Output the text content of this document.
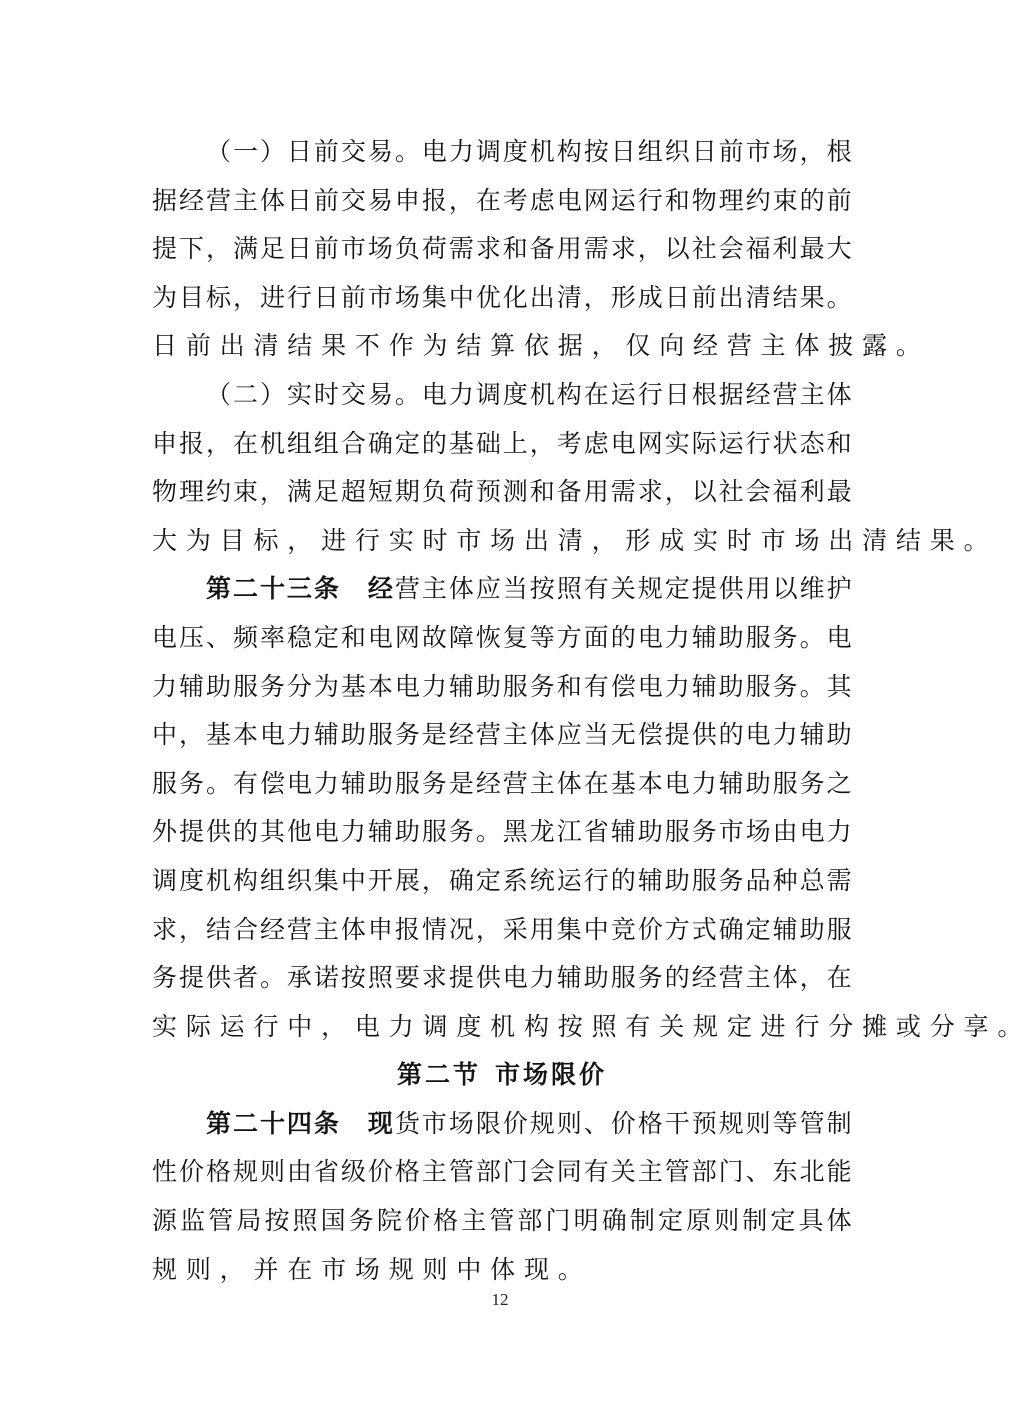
（ 一 ） 日 前 交 易 。 电 力 调 度 机 构 按 日 组 织 日 前 市 场 ， 根
据 经 营 主 体 日 前 交 易 申 报 ， 在 考 虑 电 网 运 行 和 物 理 约 束 的 前
提 下 ， 满 足 日 前 市 场 负 荷 需 求 和 备 用 需 求 ， 以 社 会 福 利 最 大
为 目 标 ， 进 行 日 前 市 场 集 中 优 化 出 清 ， 形 成 日 前 出 清 结 果 。
日 前 出 清 结 果 不 作 为 结 算 依 据 ， 仅 向 经 营 主 体 披 露 。

（ 二 ） 实 时 交 易 。 电 力 调 度 机 构 在 运 行 日 根 据 经 营 主 体
申 报 ， 在 机 组 组 合 确 定 的 基 础 上 ， 考 虑 电 网 实 际 运 行 状 态 和
物 理 约 束 ， 满 足 超 短 期 负 荷 预 测 和 备 用 需 求 ， 以 社 会 福 利 最
大 为 目 标 ， 进 行 实 时 市 场 出 清 ， 形 成 实 时 市 场 出 清 结 果 。

第 二 十 三 条
　 经 营 主 体 应 当 按 照 有 关 规 定 提 供 用 以 维 护
电 压 、 频 率 稳 定 和 电 网 故 障 恢 复 等 方 面 的 电 力 辅 助 服 务 。 电
力 辅 助 服 务 分 为 基 本 电 力 辅 助 服 务 和 有 偿 电 力 辅 助 服 务 。 其
中 ， 基 本 电 力 辅 助 服 务 是 经 营 主 体 应 当 无 偿 提 供 的 电 力 辅 助
服 务 。 有 偿 电 力 辅 助 服 务 是 经 营 主 体 在 基 本 电 力 辅 助 服 务 之
外 提 供 的 其 他 电 力 辅 助 服 务 。 黑 龙 江 省 辅 助 服 务 市 场 由 电 力
调 度 机 构 组 织 集 中 开 展 ， 确 定 系 统 运 行 的 辅 助 服 务 品 种 总 需
求 ， 结 合 经 营 主 体 申 报 情 况 ， 采 用 集 中 竞 价 方 式 确 定 辅 助 服
务 提 供 者 。 承 诺 按 照 要 求 提 供 电 力 辅 助 服 务 的 经 营 主 体 ， 在
实 际 运 行 中 ， 电 力 调 度 机 构 按 照 有 关 规 定 进 行 分 摊 或 分 享 。
第二节 市场限价

第 二 十 四 条
　 现 货 市 场 限 价 规 则 、 价 格 干 预 规 则 等 管 制
性 价 格 规 则 由 省 级 价 格 主 管 部 门 会 同 有 关 主 管 部 门 、 东 北 能
源 监 管 局 按 照 国 务 院 价 格 主 管 部 门 明 确 制 定 原 则 制 定 具 体
规 则 ， 并 在 市 场 规 则 中 体 现 。
12
